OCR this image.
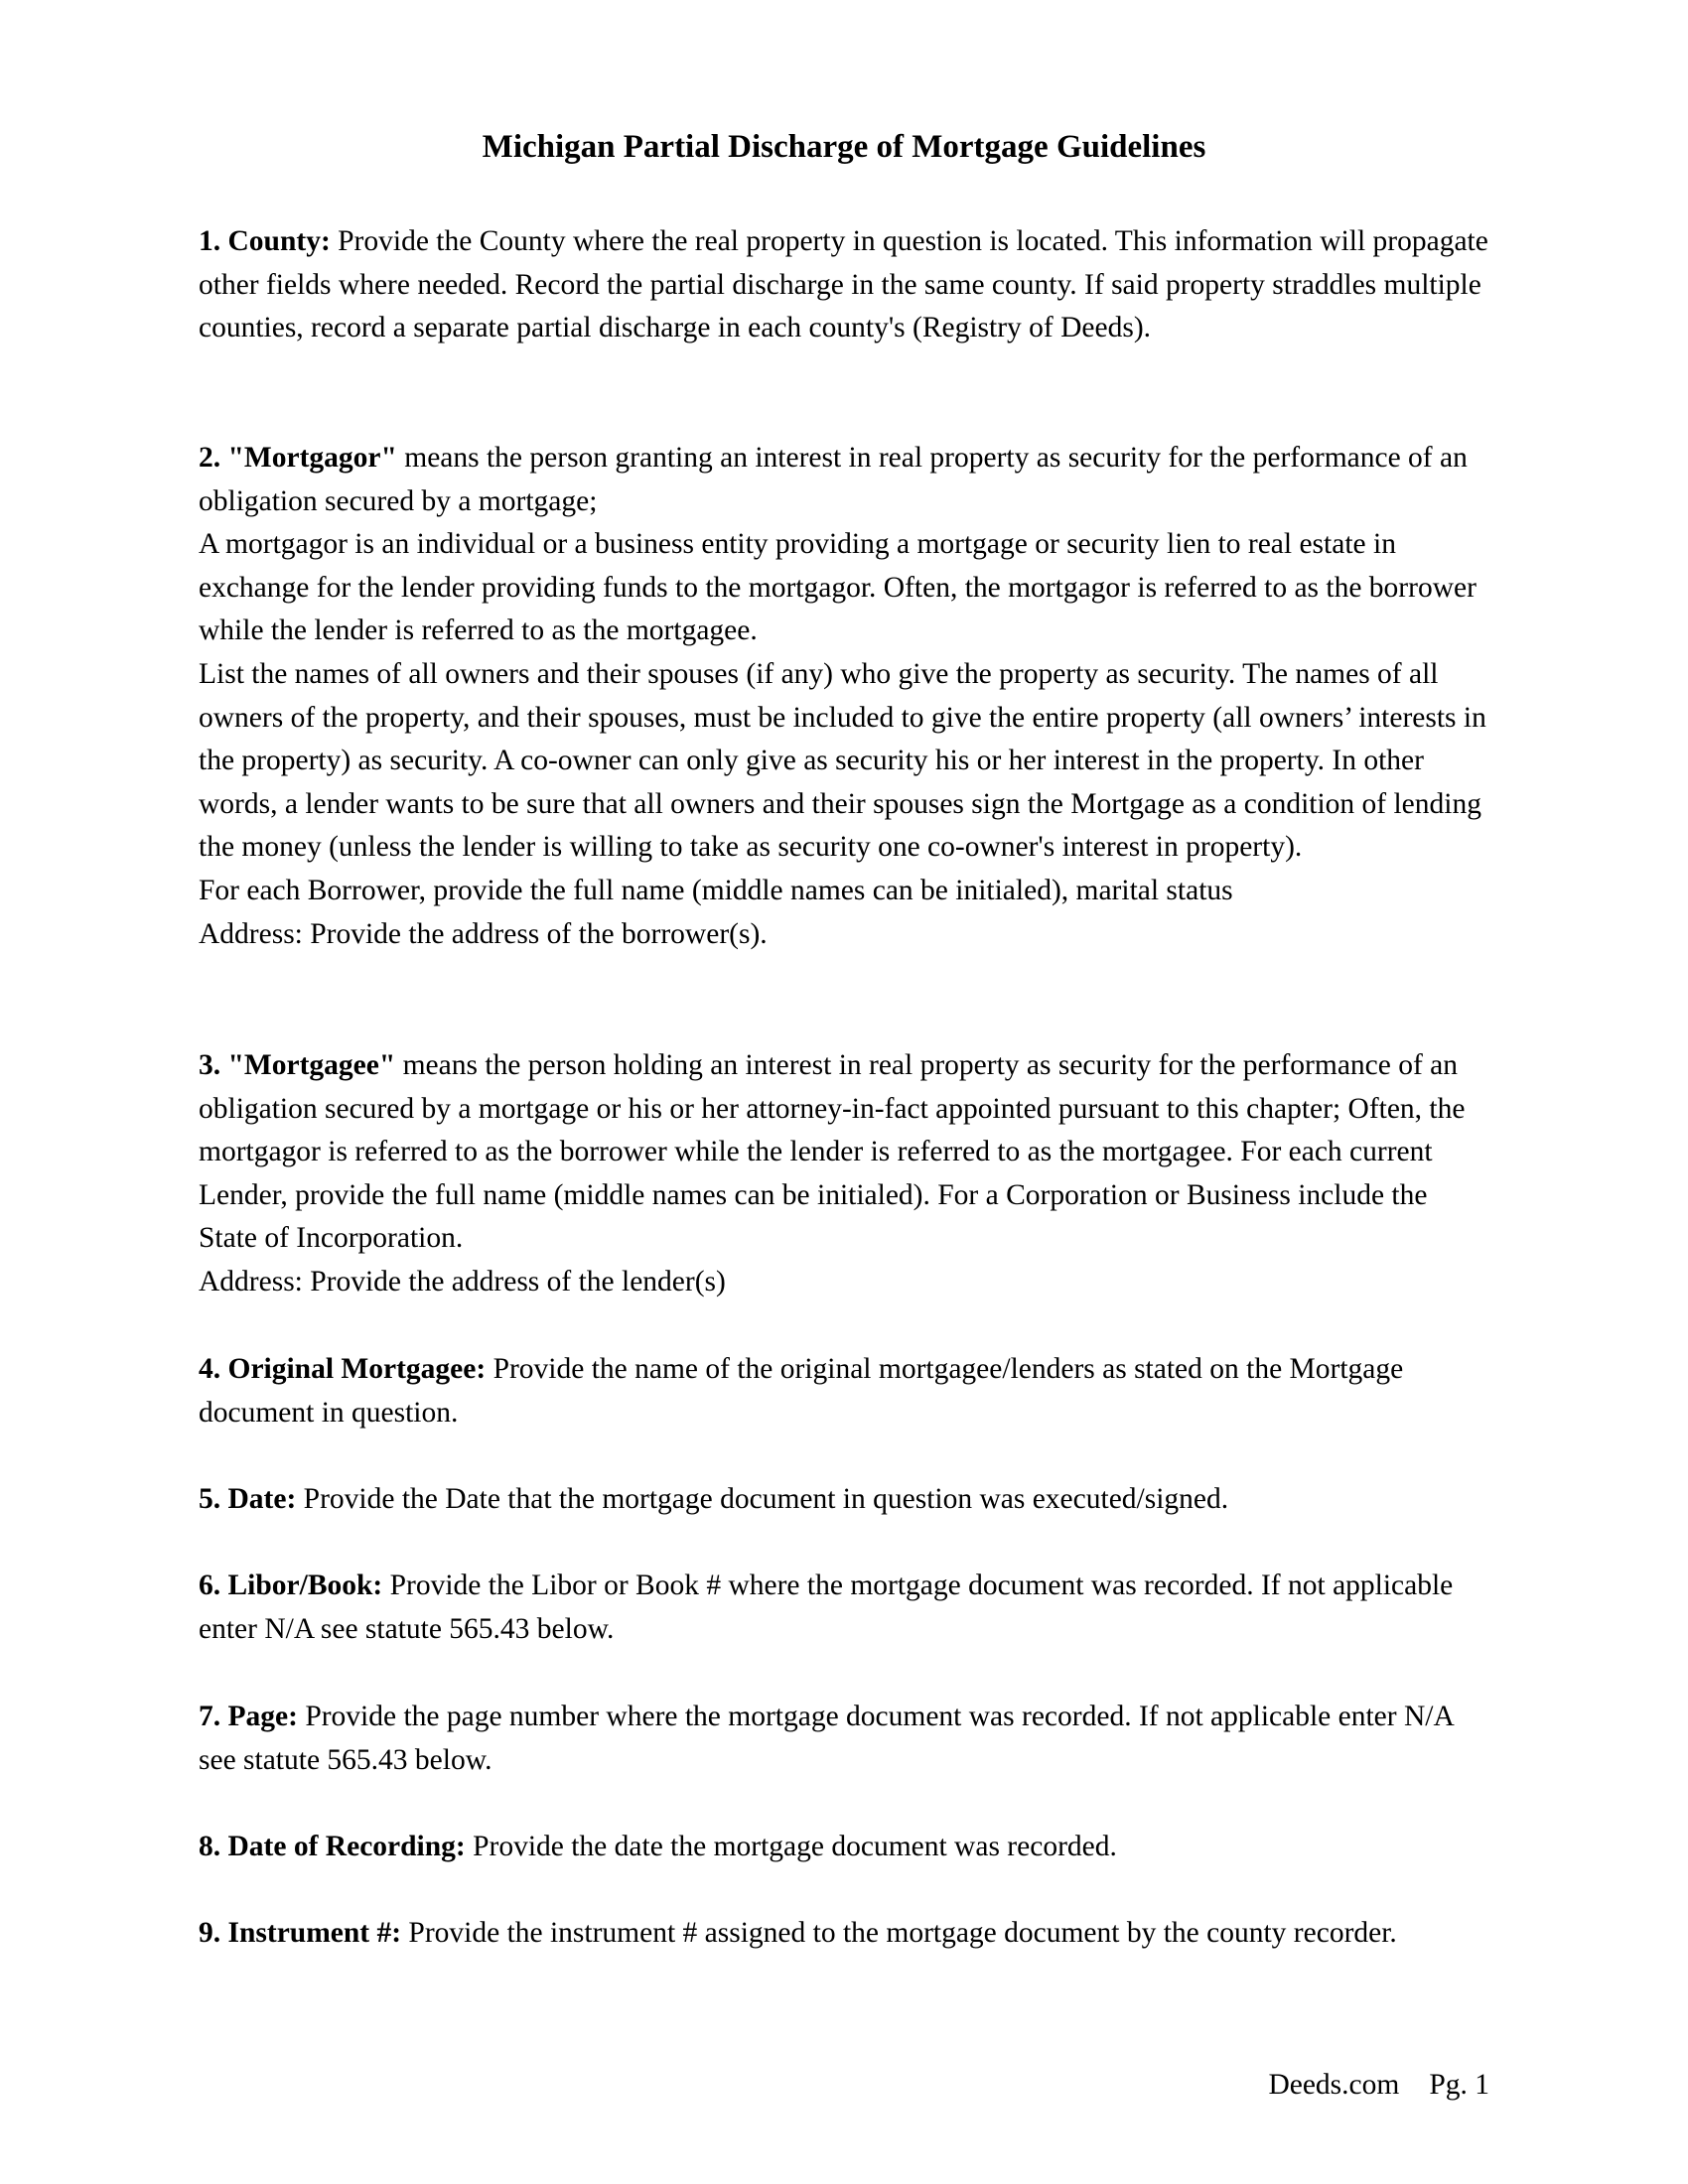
Michigan Partial Discharge of Mortgage Guidelines

1. County: Provide the County where the real property in question is located. This information will propagate other fields where needed. Record the partial discharge in the same county. If said property straddles multiple counties, record a separate partial discharge in each county's (Registry of Deeds).

2. "Mortgagor" means the person granting an interest in real property as security for the performance of an obligation secured by a mortgage;

A mortgagor is an individual or a business entity providing a mortgage or security lien to real estate in exchange for the lender providing funds to the mortgagor. Often, the mortgagor is referred to as the borrower while the lender is referred to as the mortgagee.

List the names of all owners and their spouses (if any) who give the property as security. The names of all owners of the property, and their spouses, must be included to give the entire property (all owners’ interests in the property) as security. A co-owner can only give as security his or her interest in the property. In other words, a lender wants to be sure that all owners and their spouses sign the Mortgage as a condition of lending the money (unless the lender is willing to take as security one co-owner's interest in property).

For each Borrower, provide the full name (middle names can be initialed), marital status

Address: Provide the address of the borrower(s).

3. "Mortgagee" means the person holding an interest in real property as security for the performance of an obligation secured by a mortgage or his or her attorney-in-fact appointed pursuant to this chapter; Often, the mortgagor is referred to as the borrower while the lender is referred to as the mortgagee. For each current Lender, provide the full name (middle names can be initialed). For a Corporation or Business include the State of Incorporation.

Address: Provide the address of the lender(s)

4. Original Mortgagee: Provide the name of the original mortgagee/lenders as stated on the Mortgage document in question.

5. Date: Provide the Date that the mortgage document in question was executed/signed.

6. Libor/Book: Provide the Libor or Book # where the mortgage document was recorded. If not applicable enter N/A see statute 565.43 below.

7. Page: Provide the page number where the mortgage document was recorded. If not applicable enter N/A see statute 565.43 below.

8. Date of Recording: Provide the date the mortgage document was recorded.

9. Instrument #: Provide the instrument # assigned to the mortgage document by the county recorder.

Deeds.com Pg. 1
